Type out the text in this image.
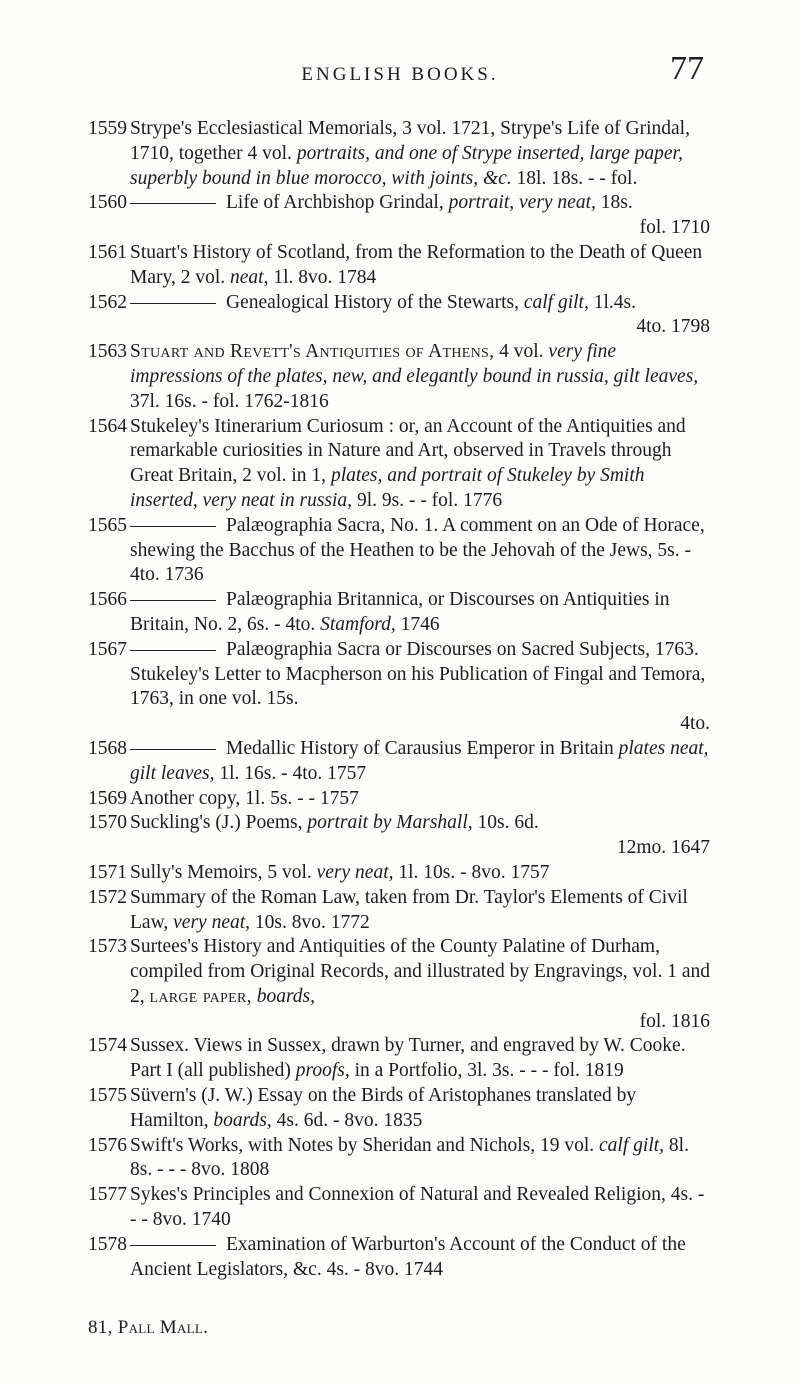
ENGLISH BOOKS.	77
1559 Strype's Ecclesiastical Memorials, 3 vol. 1721, Strype's Life of Grindal, 1710, together 4 vol. portraits, and one of Strype inserted, large paper, superbly bound in blue morocco, with joints, &c. 18l. 18s. - - fol.
1560	Life of Archbishop Grindal, portrait, very neat, 18s.
fol. 1710
1561 Stuart's History of Scotland, from the Reformation to the Death of Queen Mary, 2 vol. neat, 1l. 8vo. 1784
1562	Genealogical History of the Stewarts, calf gilt, 1l.4s.
4to. 1798
1563 Stuart and Revett's Antiquities of Athens, 4 vol. very fine impressions of the plates, new, and elegantly bound in russia, gilt leaves, 37l. 16s. - fol. 1762-1816
1564 Stukeley's Itinerarium Curiosum : or, an Account of the Antiquities and remarkable curiosities in Nature and Art, observed in Travels through Great Britain, 2 vol. in 1, plates, and portrait of Stukeley by Smith inserted, very neat in russia, 9l. 9s. - - fol. 1776
1565	Palæographia Sacra, No. 1. A comment on an Ode of Horace, shewing the Bacchus of the Heathen to be the Jehovah of the Jews, 5s. - 4to. 1736
1566	Palæographia Britannica, or Discourses on Antiquities in Britain, No. 2, 6s. - 4to. Stamford, 1746
1567	Palæographia Sacra or Discourses on Sacred Subjects, 1763. Stukeley's Letter to Macpherson on his Publication of Fingal and Temora, 1763, in one vol. 15s.
4to.
1568	Medallic History of Carausius Emperor in Britain plates neat, gilt leaves, 1l. 16s. - 4to. 1757
1569 Another copy, 1l. 5s. - - 1757
1570 Suckling's (J.) Poems, portrait by Marshall, 10s. 6d.
12mo. 1647
1571 Sully's Memoirs, 5 vol. very neat, 1l. 10s. - 8vo. 1757
1572 Summary of the Roman Law, taken from Dr. Taylor's Elements of Civil Law, very neat, 10s. 8vo. 1772
1573 Surtees's History and Antiquities of the County Palatine of Durham, compiled from Original Records, and illustrated by Engravings, vol. 1 and 2, large paper, boards,
fol. 1816
1574 Sussex. Views in Sussex, drawn by Turner, and engraved by W. Cooke. Part I (all published) proofs, in a Portfolio, 3l. 3s. - - - fol. 1819
1575 Süvern's (J. W.) Essay on the Birds of Aristophanes translated by Hamilton, boards, 4s. 6d. - 8vo. 1835
1576 Swift's Works, with Notes by Sheridan and Nichols, 19 vol. calf gilt, 8l. 8s. - - - 8vo. 1808
1577 Sykes's Principles and Connexion of Natural and Revealed Religion, 4s. - - - 8vo. 1740
1578	Examination of Warburton's Account of the Conduct of the Ancient Legislators, &c. 4s. - 8vo. 1744
81, Pall Mall.
